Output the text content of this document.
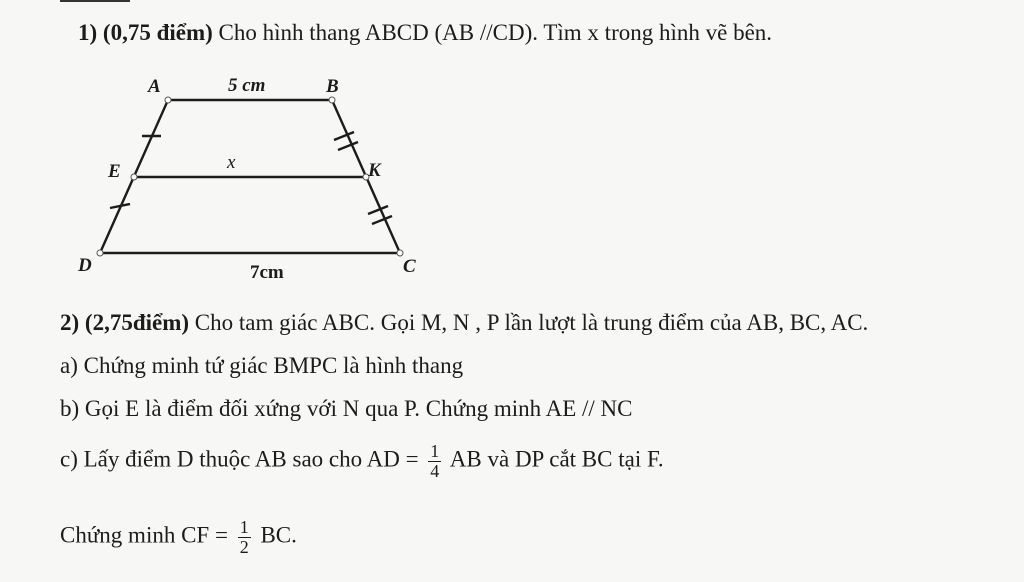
1) (0,75 điểm) Cho hình thang ABCD (AB //CD). Tìm x trong hình vẽ bên.
A	B
E	K
D	C
5 cm
x
7cm
2) (2,75điểm) Cho tam giác ABC. Gọi M, N , P lần lượt là trung điểm của AB, BC, AC.
a) Chứng minh tứ giác BMPC là hình thang
b) Gọi E là điểm đối xứng với N qua P. Chứng minh AE // NC
c) Lấy điểm D thuộc AB sao cho AD = $\frac{1}{4}$ AB và DP cắt BC tại F.
Chứng minh CF = $\frac{1}{2}$ BC.
